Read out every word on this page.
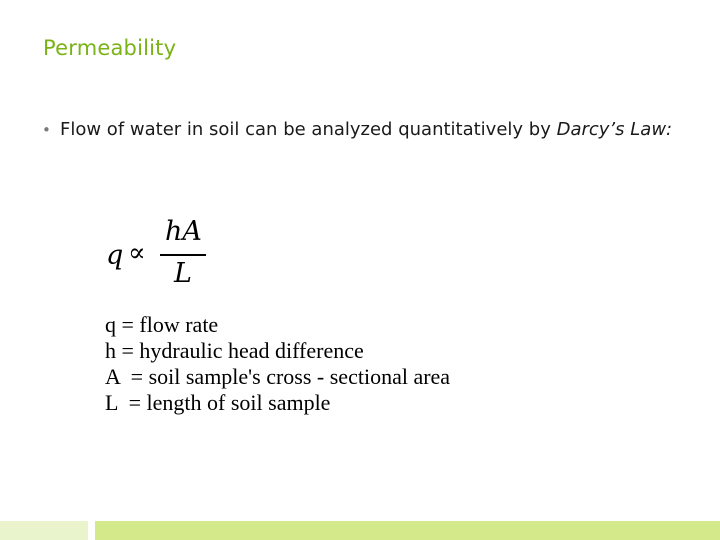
Permeability
• Flow of water in soil can be analyzed quantitatively by Darcy’s Law:
q ∝
hA
L
q = flow rate
h = hydraulic head difference
A  = soil sample's cross - sectional area
L  = length of soil sample
